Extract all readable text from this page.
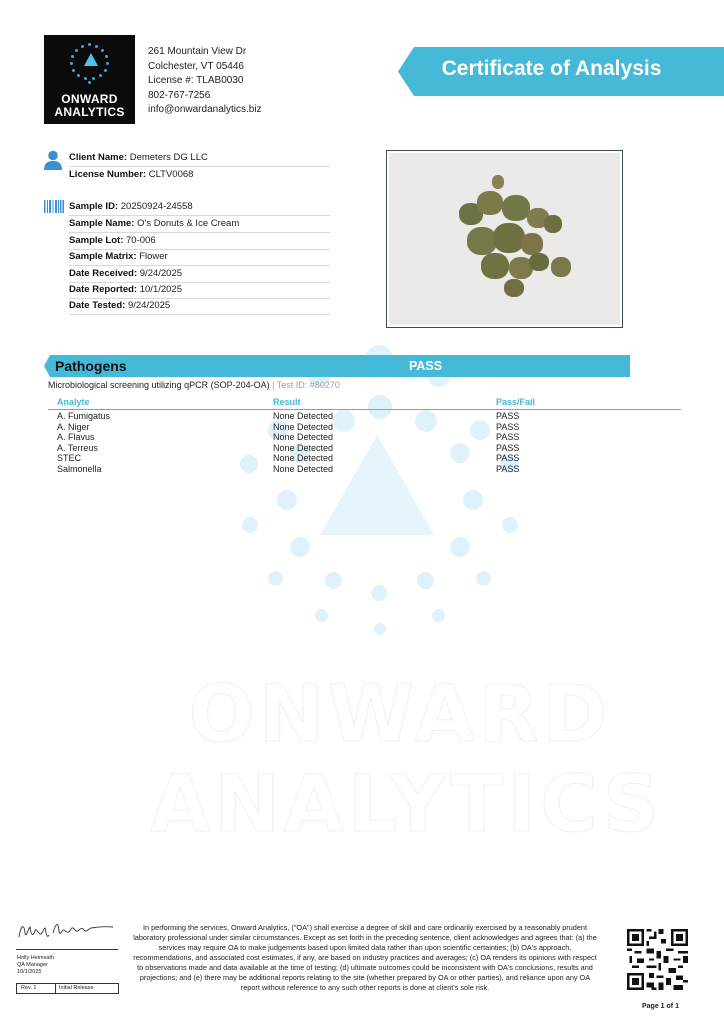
ONWARD
ANALYTICS
ONWARD
ANALYTICS
261 Mountain View Dr
Colchester, VT 05446
License #: TLAB0030
802-767-7256
info@onwardanalytics.biz
Certificate of Analysis
Client Name: Demeters DG LLC
License Number: CLTV0068
Sample ID: 20250924-24558
Sample Name: O's Donuts & Ice Cream
Sample Lot: 70-006
Sample Matrix: Flower
Date Received: 9/24/2025
Date Reported: 10/1/2025
Date Tested: 9/24/2025
Pathogens	PASS
Microbiological screening utilizing qPCR (SOP-204-OA) | Test ID: #80270
Analyte	Result	Pass/Fail
A. Fumigatus	None Detected	PASS
A. Niger	None Detected	PASS
A. Flavus	None Detected	PASS
A. Terreus	None Detected	PASS
STEC	None Detected	PASS
Salmonella	None Detected	PASS
Holly Heimsath
QA Manager
10/1/2025
Rev. 1	Initial Release
In performing the services, Onward Analytics, ("OA") shall exercise a degree of skill and care ordinarily exercised by a reasonably prudent laboratory professional under similar circumstances. Except as set forth in the preceding sentence, client acknowledges and agrees that: (a) the services may require OA to make judgements based upon limited data rather than upon scientific certainties; (b) OA's approach, recommendations, and associated cost estimates, if any, are based on industry practices and averages; (c) OA renders its opinions with respect to observations made and data available at the time of testing; (d) ultimate outcomes could be inconsistent with OA's conclusions, results and projections; and (e) there may be additional reports relating to the site (whether prepared by OA or other parties), and reliance upon any OA report without reference to any such other reports is done at client's sole risk.
Page 1 of 1
